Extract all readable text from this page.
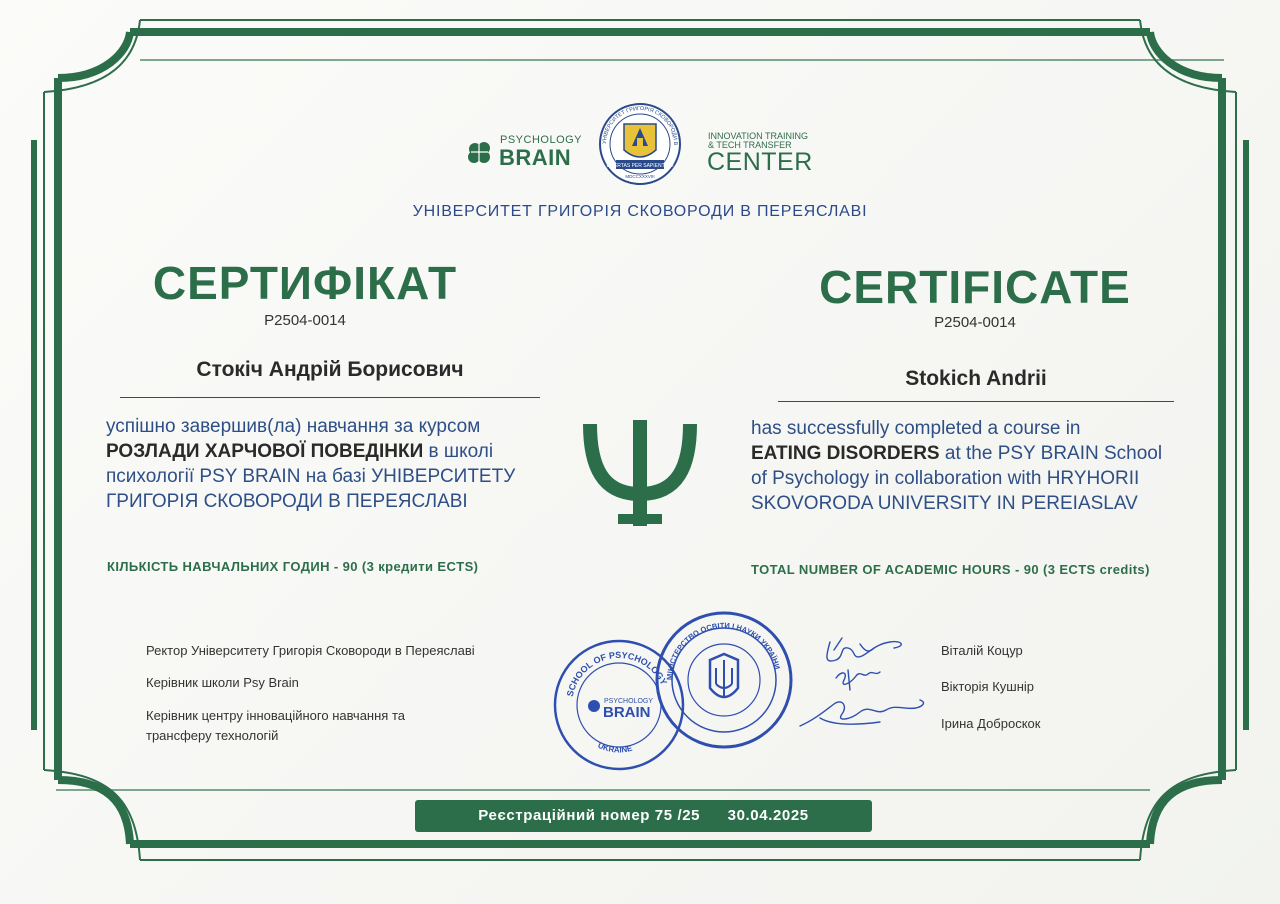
PSYCHOLOGY
BRAIN
УНІВЕРСИТЕТ ГРИГОРІЯ СКОВОРОДИ В
LIBERTAS PER SAPIENTIAM
MDCCXXXVIII
INNOVATION TRAINING
& TECH TRANSFER
CENTER
УНІВЕРСИТЕТ ГРИГОРІЯ СКОВОРОДИ В ПЕРЕЯСЛАВІ
СЕРТИФІКАТ
P2504-0014
Стокіч Андрій Борисович
успішно завершив(ла) навчання за курсом
РОЗЛАДИ ХАРЧОВОЇ ПОВЕДІНКИ в школі
психології PSY BRAIN на базі УНІВЕРСИТЕТУ
ГРИГОРІЯ СКОВОРОДИ В ПЕРЕЯСЛАВІ
КІЛЬКІСТЬ НАВЧАЛЬНИХ ГОДИН - 90 (3 кредити ECTS)
Ψ
CERTIFICATE
P2504-0014
Stokich Andrii
has successfully completed a course in
EATING DISORDERS at the PSY BRAIN School
of Psychology in collaboration with HRYHORII
SKOVORODA UNIVERSITY IN PEREIASLAV
TOTAL NUMBER OF ACADEMIC HOURS - 90 (3 ECTS credits)
Ректор Університету Григорія Сковороди в Переяславі
Керівник школи Psy Brain
Керівник центру інноваційного навчання та
трансферу технологій
SCHOOL OF PSYCHOLOGY
UKRAINE
PSYCHOLOGY
BRAIN
МІНІСТЕРСТВО ОСВІТИ І НАУКИ УКРАЇНИ
Віталій Коцур
Вікторія Кушнір
Ірина Доброскок
Реєстраційний номер 75 /25 30.04.2025
